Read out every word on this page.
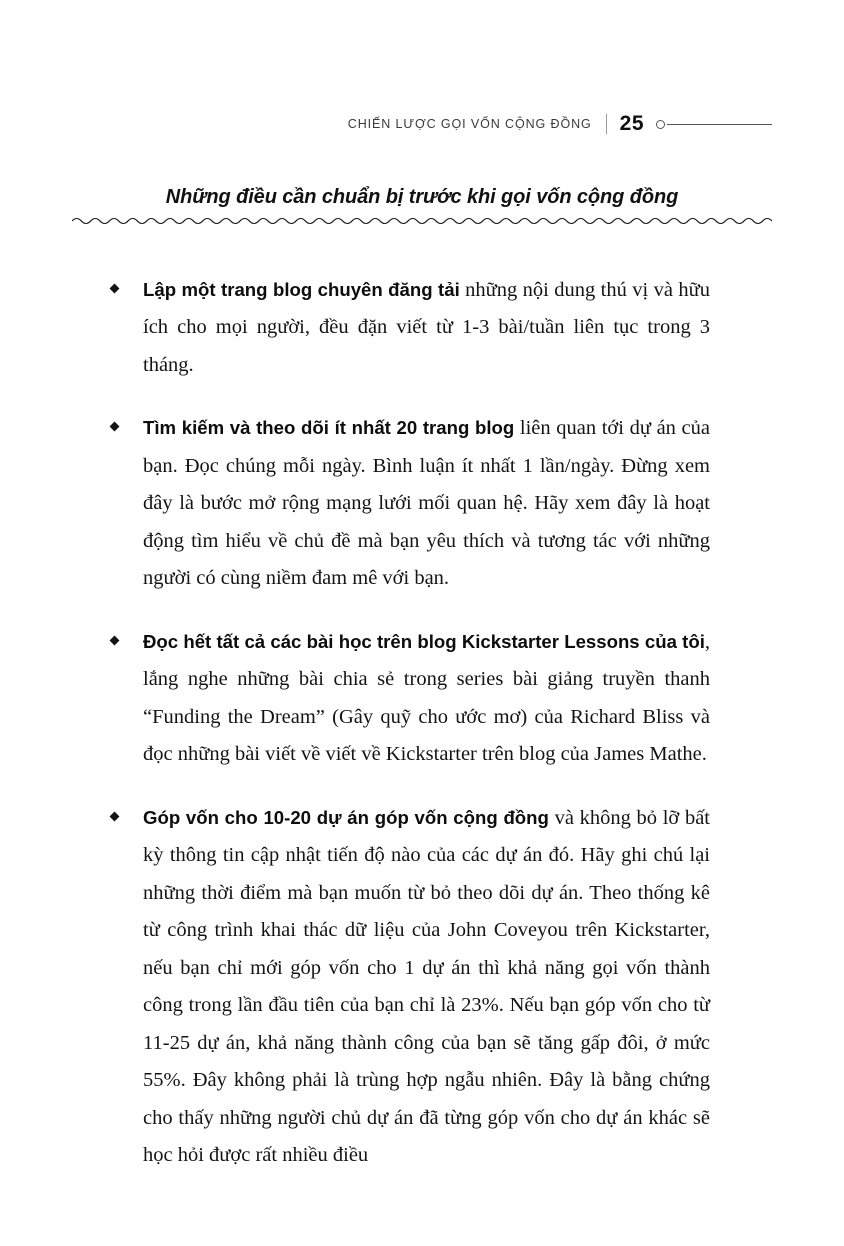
CHIẾN LƯỢC GỌI VỐN CỘNG ĐỒNG 25
Những điều cần chuẩn bị trước khi gọi vốn cộng đồng

Lập một trang blog chuyên đăng tải những nội dung thú vị và hữu ích cho mọi người, đều đặn viết từ 1-3 bài/tuần liên tục trong 3 tháng.

Tìm kiếm và theo dõi ít nhất 20 trang blog liên quan tới dự án của bạn. Đọc chúng mỗi ngày. Bình luận ít nhất 1 lần/ngày. Đừng xem đây là bước mở rộng mạng lưới mối quan hệ. Hãy xem đây là hoạt động tìm hiểu về chủ đề mà bạn yêu thích và tương tác với những người có cùng niềm đam mê với bạn.

Đọc hết tất cả các bài học trên blog Kickstarter Lessons của tôi, lắng nghe những bài chia sẻ trong series bài giảng truyền thanh “Funding the Dream” (Gây quỹ cho ước mơ) của Richard Bliss và đọc những bài viết về viết về Kickstarter trên blog của James Mathe.

Góp vốn cho 10-20 dự án góp vốn cộng đồng và không bỏ lỡ bất kỳ thông tin cập nhật tiến độ nào của các dự án đó. Hãy ghi chú lại những thời điểm mà bạn muốn từ bỏ theo dõi dự án. Theo thống kê từ công trình khai thác dữ liệu của John Coveyou trên Kickstarter, nếu bạn chỉ mới góp vốn cho 1 dự án thì khả năng gọi vốn thành công trong lần đầu tiên của bạn chỉ là 23%. Nếu bạn góp vốn cho từ 11-25 dự án, khả năng thành công của bạn sẽ tăng gấp đôi, ở mức 55%. Đây không phải là trùng hợp ngẫu nhiên. Đây là bằng chứng cho thấy những người chủ dự án đã từng góp vốn cho dự án khác sẽ học hỏi được rất nhiều điều
